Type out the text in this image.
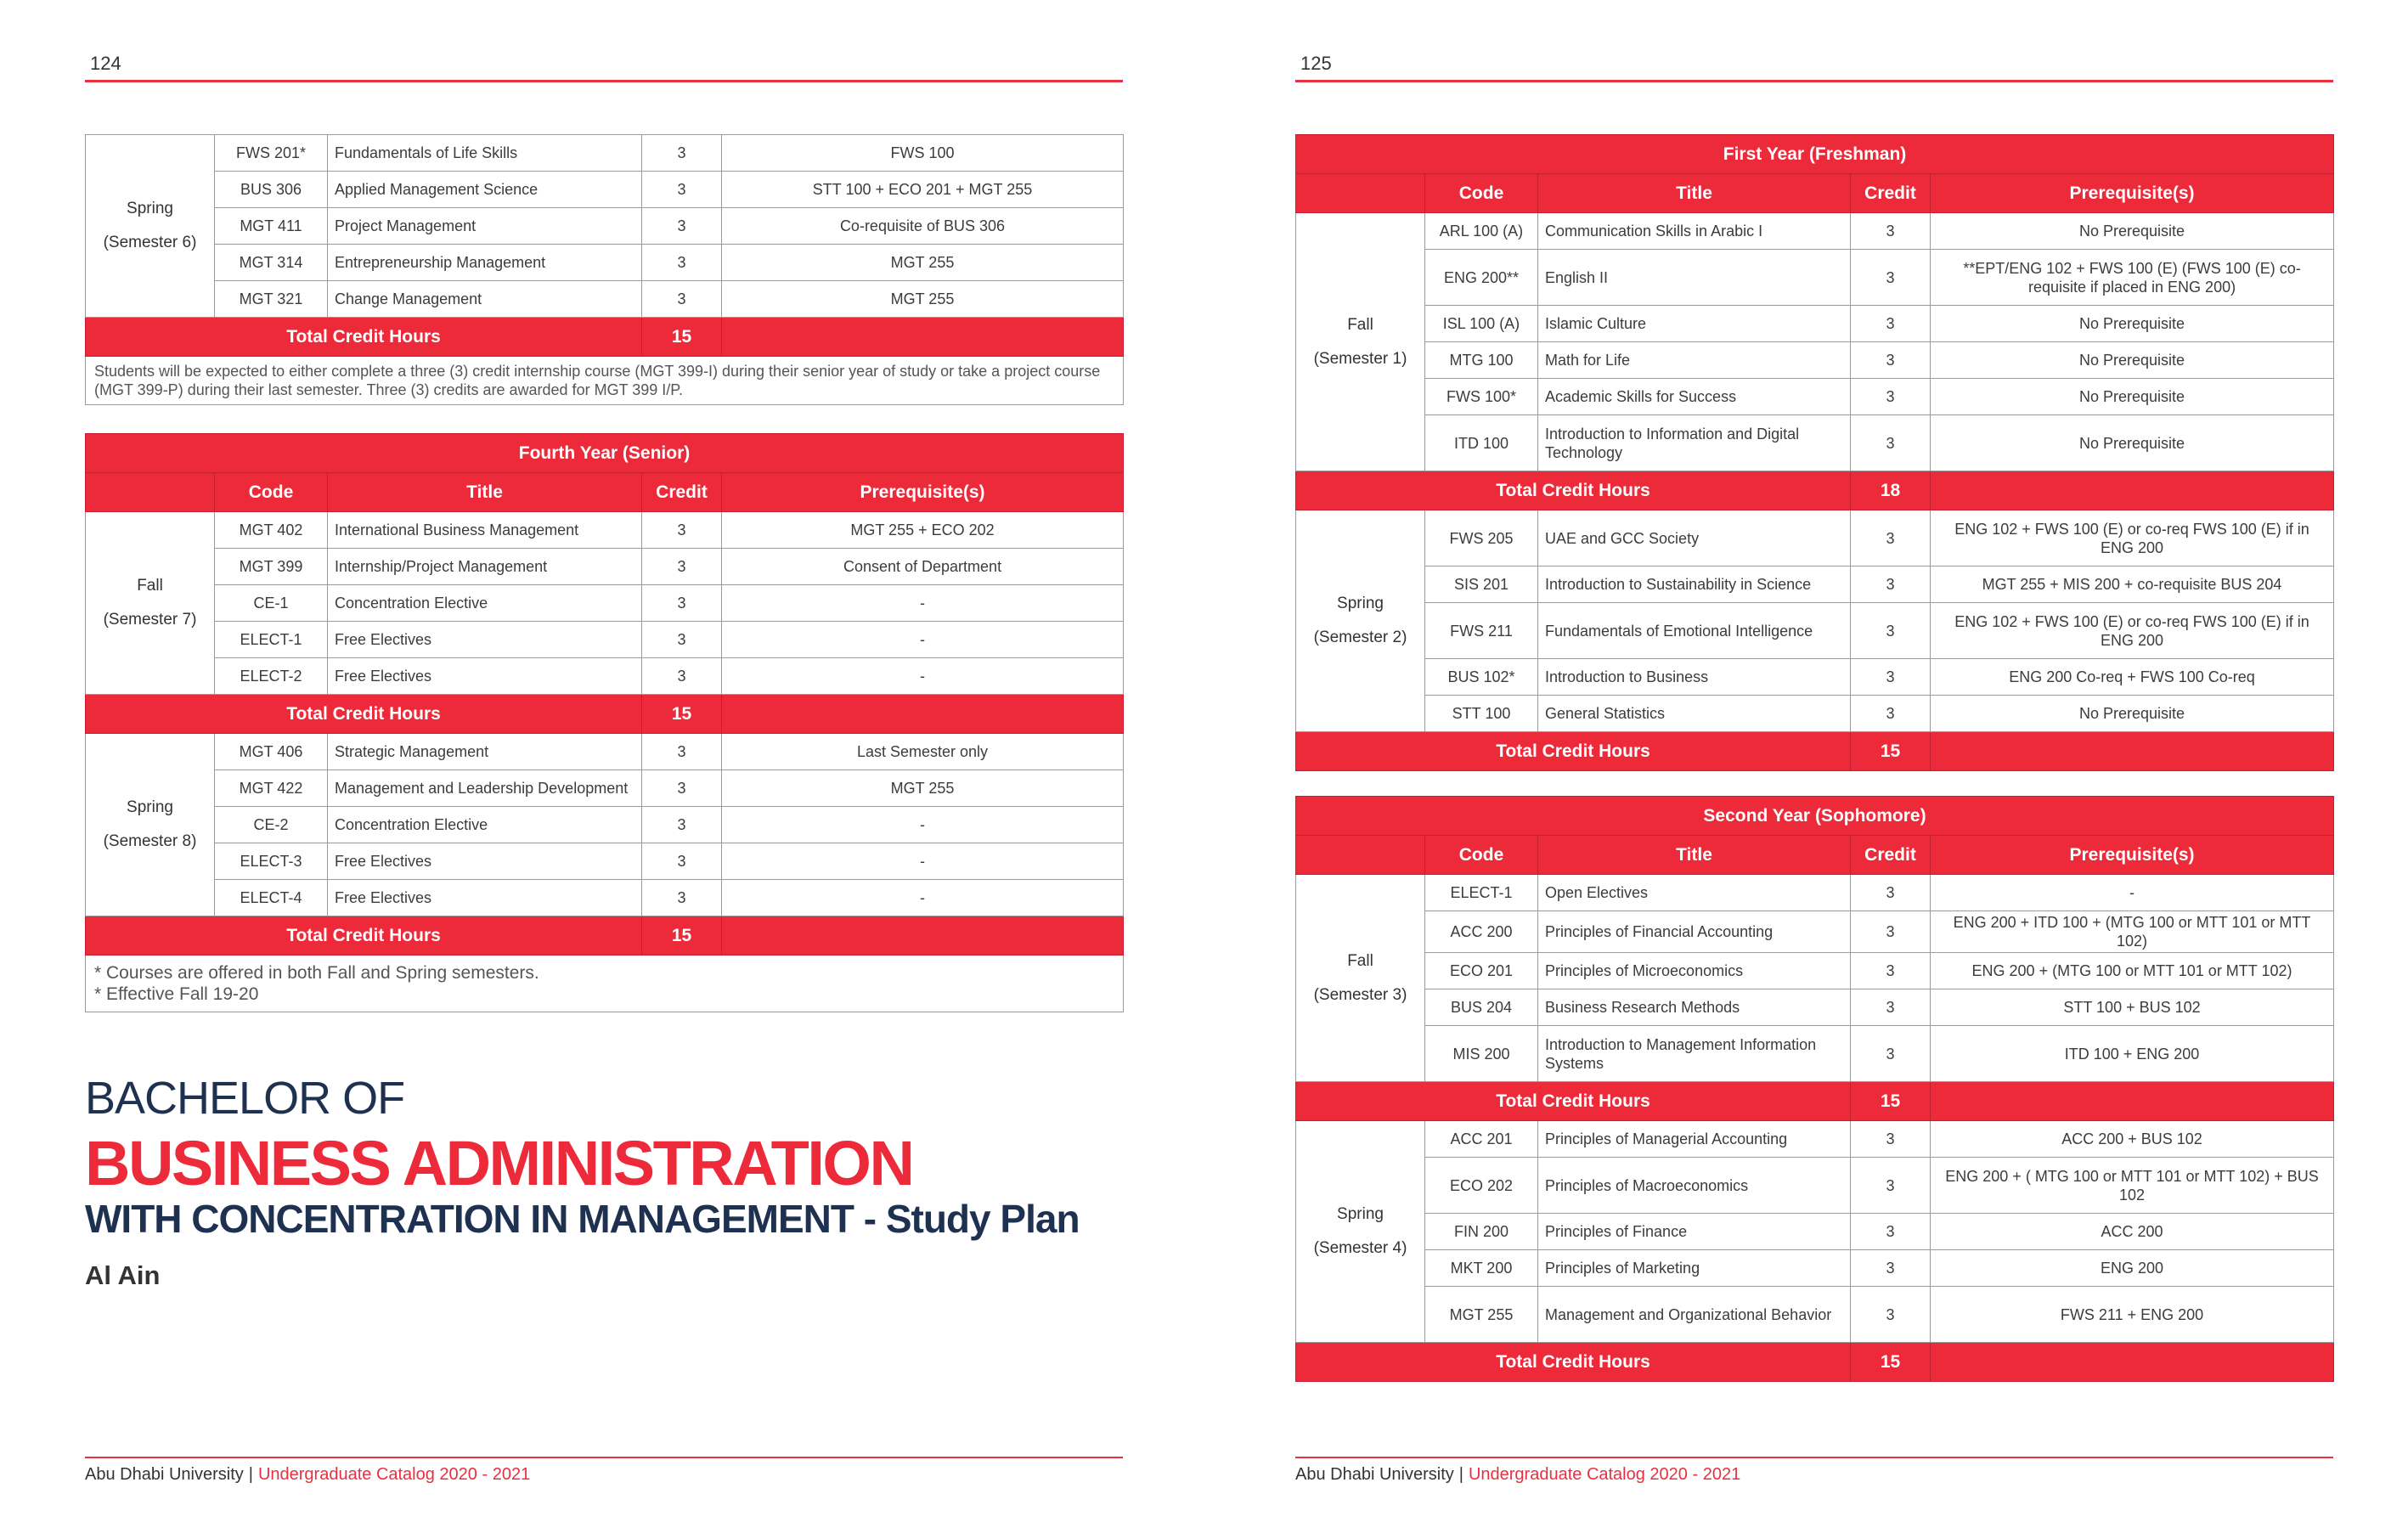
124
Spring
(Semester 6)	FWS 201*	Fundamentals of Life Skills	3	FWS 100
	BUS 306	Applied Management Science	3	STT 100 + ECO 201 + MGT 255
	MGT 411	Project Management	3	Co-requisite of BUS 306
	MGT 314	Entrepreneurship Management	3	MGT 255
	MGT 321	Change Management	3	MGT 255
Total Credit Hours			15	
Students will be expected to either complete a three (3) credit internship course (MGT 399-I) during their senior year of study or take a project course (MGT 399-P) during their last semester. Three (3) credits are awarded for MGT 399 I/P.				
Fourth Year (Senior)				
	Code	Title	Credit	Prerequisite(s)

Fall
(Semester 7)	MGT 402	International Business Management	3	MGT 255 + ECO 202
	MGT 399	Internship/Project Management	3	Consent of Department
	CE-1	Concentration Elective	3	-
	ELECT-1	Free Electives	3	-
	ELECT-2	Free Electives	3	-
Total Credit Hours			15	

Spring
(Semester 8)	MGT 406	Strategic Management	3	Last Semester only
	MGT 422	Management and Leadership Development	3	MGT 255
	CE-2	Concentration Elective	3	-
	ELECT-3	Free Electives	3	-
	ELECT-4	Free Electives	3	-
Total Credit Hours			15	

* Courses are offered in both Fall and Spring semesters.
* Effective Fall 19-20				
BACHELOR OF
BUSINESS ADMINISTRATION
WITH CONCENTRATION IN MANAGEMENT - Study Plan
Al Ain
Abu Dhabi University | Undergraduate Catalog 2020 - 2021
125
First Year (Freshman)				
	Code	Title	Credit	Prerequisite(s)

Fall
(Semester 1)	ARL 100 (A)	Communication Skills in Arabic I	3	No Prerequisite
	ENG 200**	English II	3	**EPT/ENG 102 + FWS 100 (E) (FWS 100 (E) co-requisite if placed in ENG 200)
	ISL 100 (A)	Islamic Culture	3	No Prerequisite
	MTG 100	Math for Life	3	No Prerequisite
	FWS 100*	Academic Skills for Success	3	No Prerequisite
	ITD 100	Introduction to Information and Digital Technology	3	No Prerequisite
Total Credit Hours			18	

Spring
(Semester 2)	FWS 205	UAE and GCC Society	3	ENG 102 + FWS 100 (E) or co-req FWS 100 (E) if in ENG 200
	SIS 201	Introduction to Sustainability in Science	3	MGT 255 + MIS 200 + co-requisite BUS 204
	FWS 211	Fundamentals of Emotional Intelligence	3	ENG 102 + FWS 100 (E) or co-req FWS 100 (E) if in ENG 200
	BUS 102*	Introduction to Business	3	ENG 200 Co-req + FWS 100 Co-req
	STT 100	General Statistics	3	No Prerequisite
Total Credit Hours			15	
Second Year (Sophomore)				
	Code	Title	Credit	Prerequisite(s)

Fall
(Semester 3)	ELECT-1	Open Electives	3	-
	ACC 200	Principles of Financial Accounting	3	ENG 200 + ITD 100 + (MTG 100 or MTT 101 or MTT 102)
	ECO 201	Principles of Microeconomics	3	ENG 200 + (MTG 100 or MTT 101 or MTT 102)
	BUS 204	Business Research Methods	3	STT 100 + BUS 102
	MIS 200	Introduction to Management Information Systems	3	ITD 100 + ENG 200
Total Credit Hours			15	

Spring
(Semester 4)	ACC 201	Principles of Managerial Accounting	3	ACC 200 + BUS 102
	ECO 202	Principles of Macroeconomics	3	ENG 200 + ( MTG 100 or MTT 101 or MTT 102) + BUS 102
	FIN 200	Principles of Finance	3	ACC 200
	MKT 200	Principles of Marketing	3	ENG 200
	MGT 255	Management and Organizational Behavior	3	FWS 211 + ENG 200
Total Credit Hours			15	
Abu Dhabi University | Undergraduate Catalog 2020 - 2021
